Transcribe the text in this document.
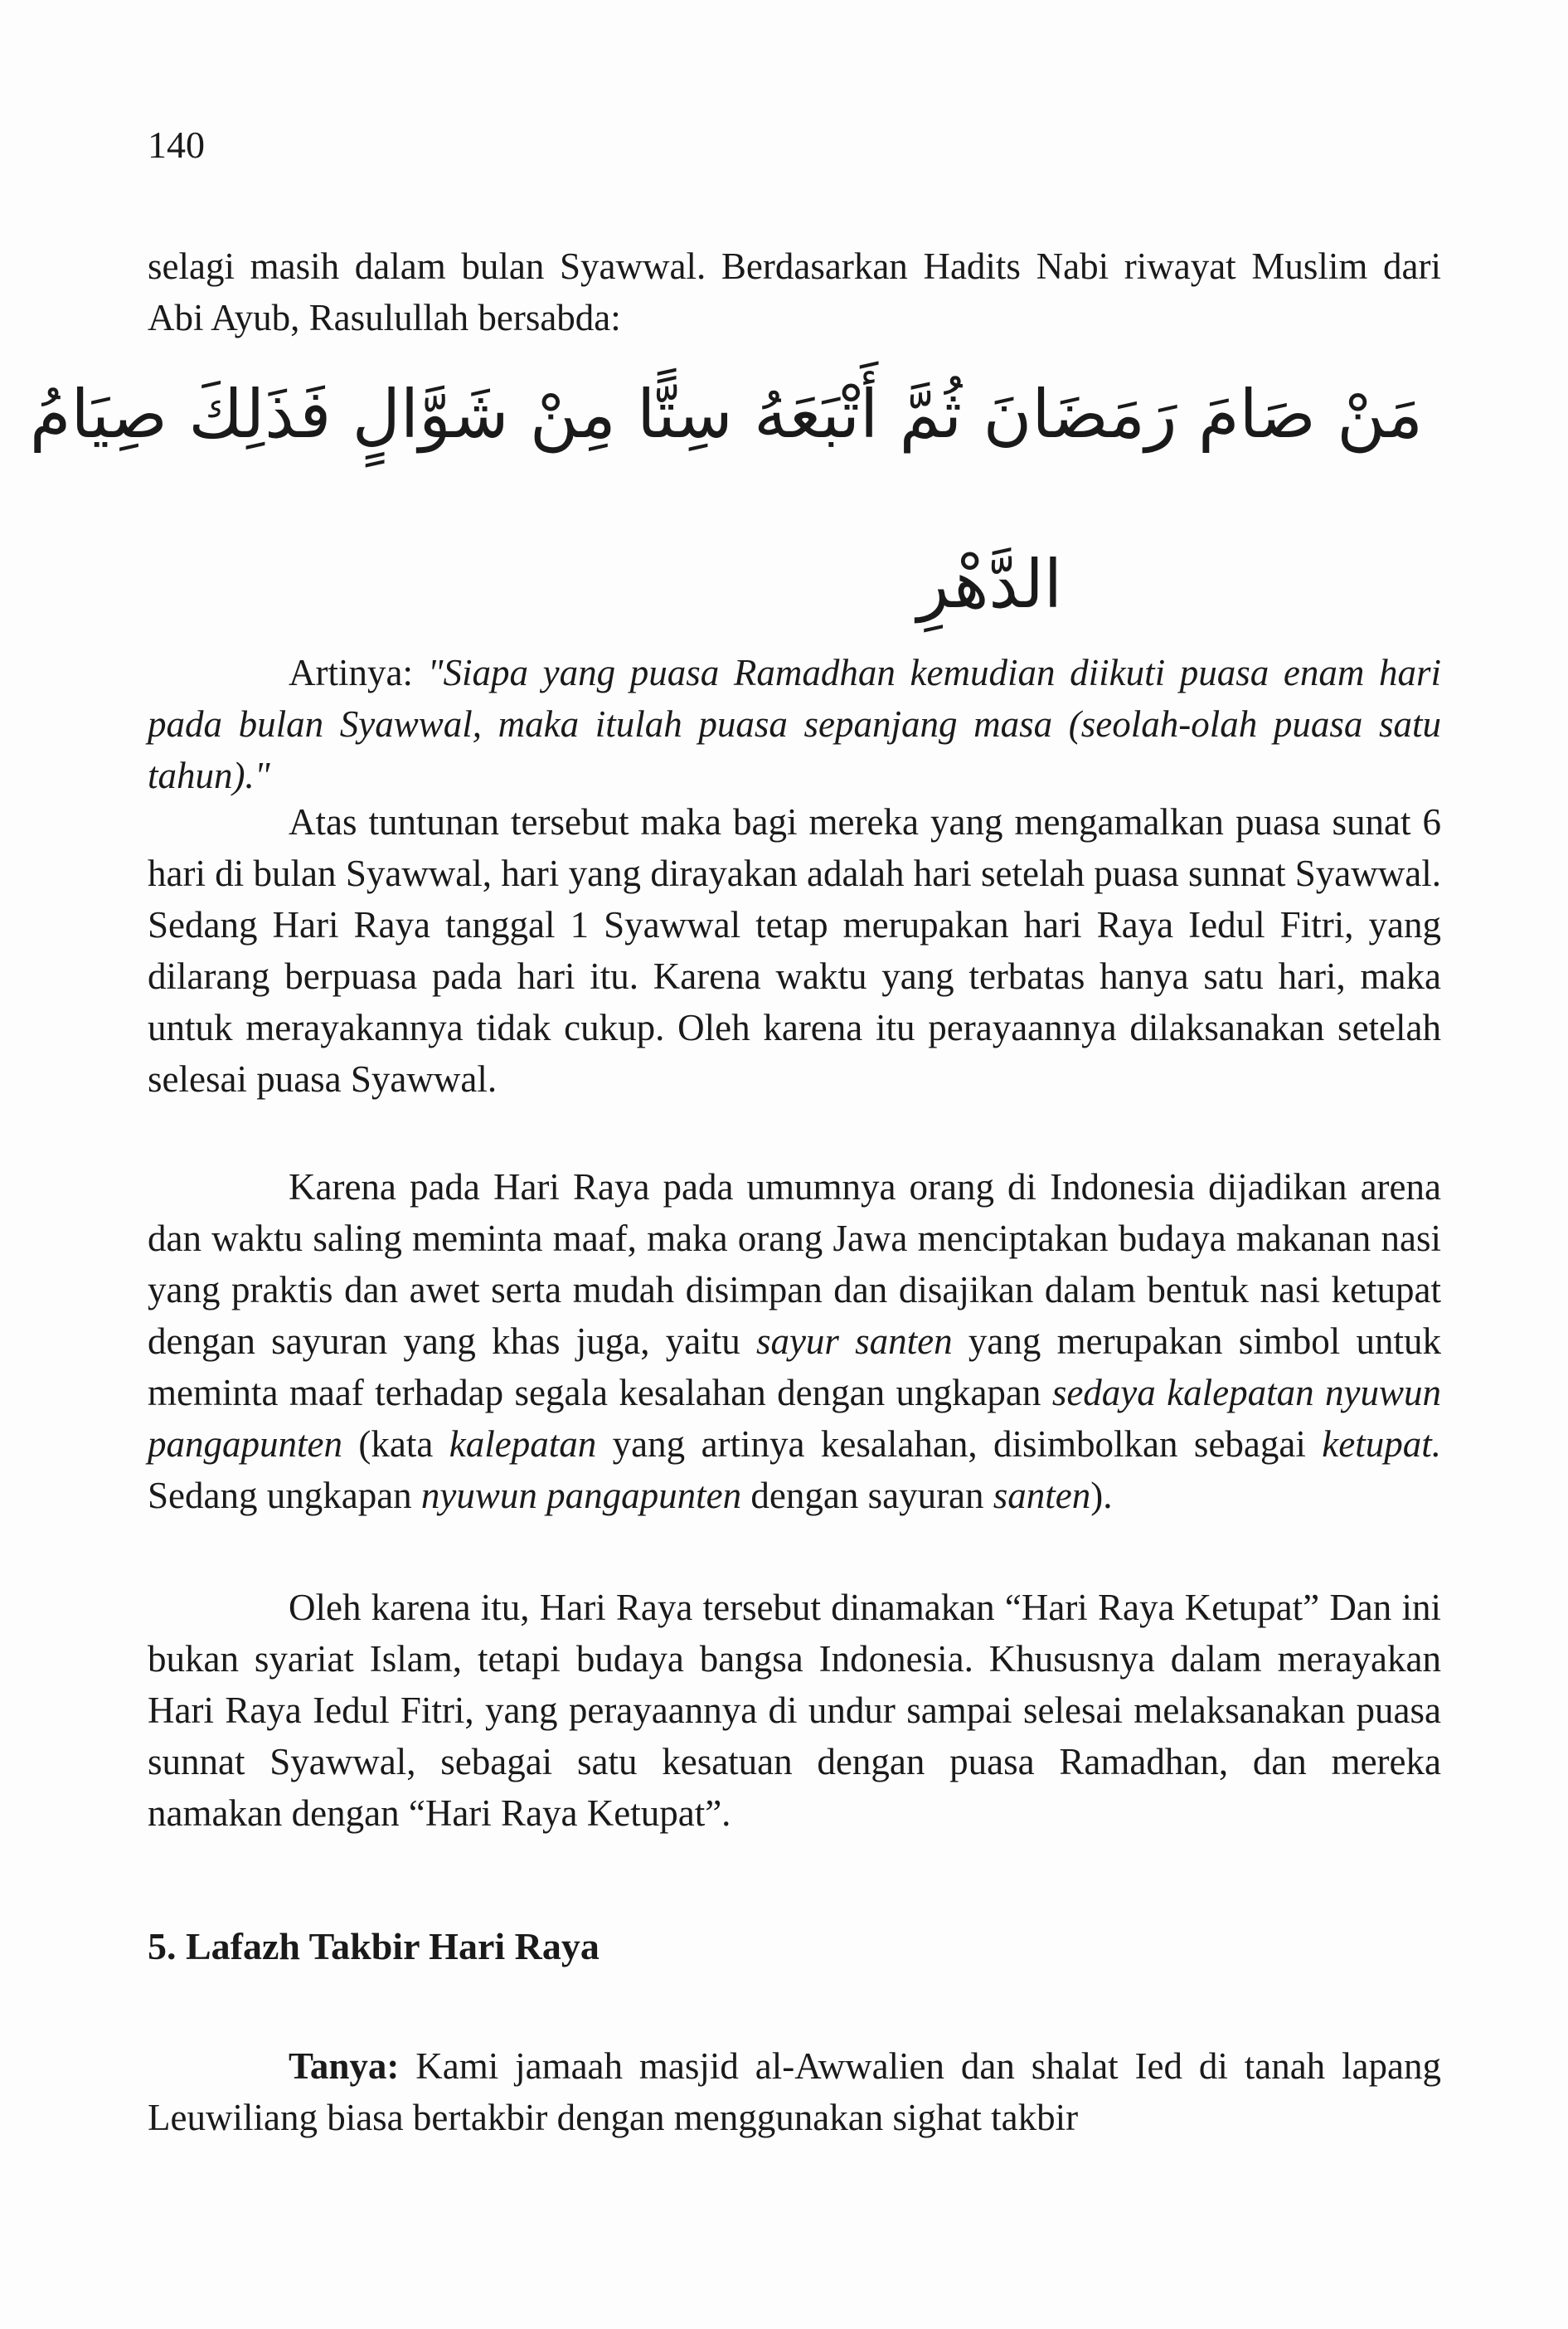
140

selagi masih dalam bulan Syawwal. Berdasarkan Hadits Nabi riwayat Muslim dari Abi Ayub, Rasulullah bersabda:

مَنْ صَامَ رَمَضَانَ ثُمَّ أَتْبَعَهُ سِتًّا مِنْ شَوَّالٍ فَذَلِكَ صِيَامُ
الدَّهْرِ

Artinya: "Siapa yang puasa Ramadhan kemudian diikuti puasa enam hari pada bulan Syawwal, maka itulah puasa sepanjang masa (seolah-olah puasa satu tahun)."

Atas tuntunan tersebut maka bagi mereka yang mengamalkan puasa sunat 6 hari di bulan Syawwal, hari yang dirayakan adalah hari setelah puasa sunnat Syawwal. Sedang Hari Raya tanggal 1 Syawwal tetap merupakan hari Raya Iedul Fitri, yang dilarang berpuasa pada hari itu. Karena waktu yang terbatas hanya satu hari, maka untuk merayakannya tidak cukup. Oleh karena itu perayaannya dilaksanakan setelah selesai puasa Syawwal.

Karena pada Hari Raya pada umumnya orang di Indonesia dijadikan arena dan waktu saling meminta maaf, maka orang Jawa menciptakan budaya makanan nasi yang praktis dan awet serta mudah disimpan dan disajikan dalam bentuk nasi ketupat dengan sayuran yang khas juga, yaitu sayur santen yang merupakan simbol untuk meminta maaf terhadap segala kesalahan dengan ungkapan sedaya kalepatan nyuwun pangapunten (kata kalepatan yang artinya kesalahan, disimbolkan sebagai ketupat. Sedang ungkapan nyuwun pangapunten dengan sayuran santen).

Oleh karena itu, Hari Raya tersebut dinamakan “Hari Raya Ketupat” Dan ini bukan syariat Islam, tetapi budaya bangsa Indonesia. Khususnya dalam merayakan Hari Raya Iedul Fitri, yang perayaannya di undur sampai selesai melaksanakan puasa sunnat Syawwal, sebagai satu kesatuan dengan puasa Ramadhan, dan mereka namakan dengan “Hari Raya Ketupat”.

5. Lafazh Takbir Hari Raya

Tanya: Kami jamaah masjid al-Awwalien dan shalat Ied di tanah lapang Leuwiliang biasa bertakbir dengan menggunakan sighat takbir
